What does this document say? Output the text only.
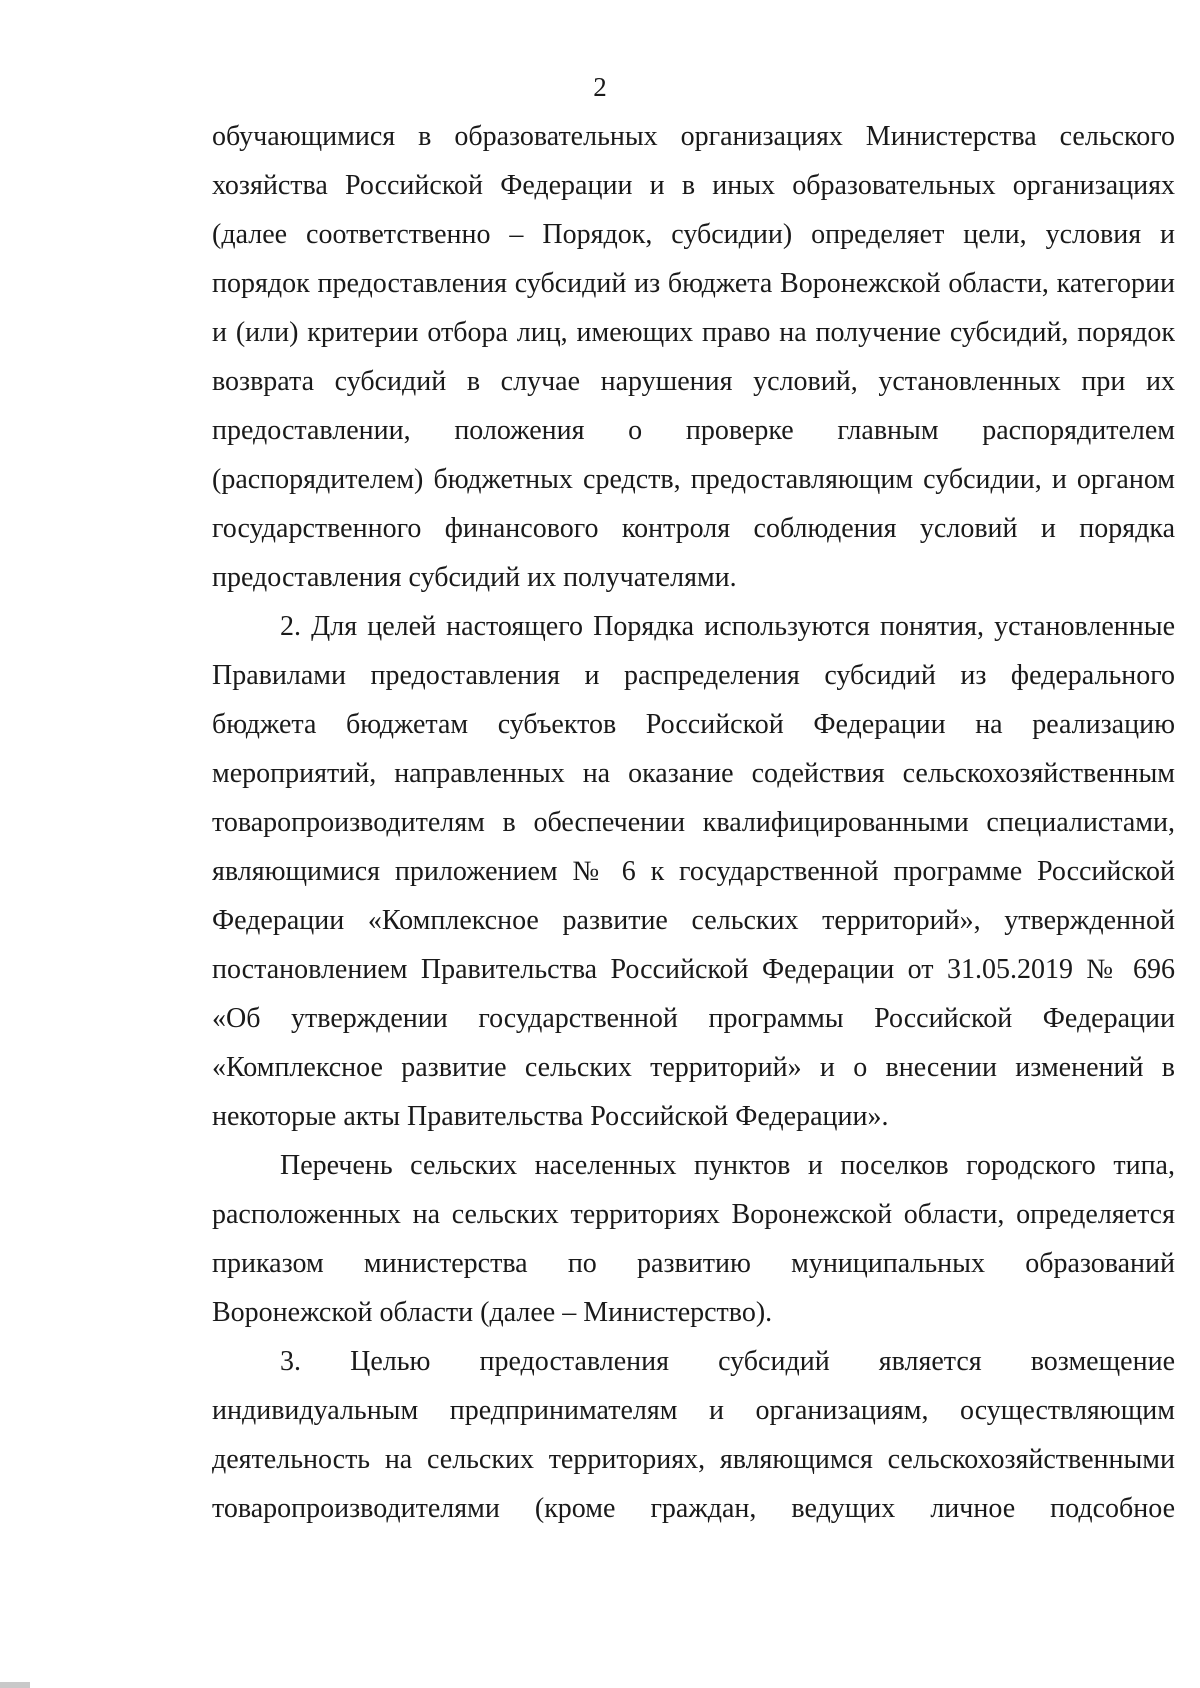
2

обучающимися в образовательных организациях Министерства сельского хозяйства Российской Федерации и в иных образовательных организациях (далее соответственно – Порядок, субсидии) определяет цели, условия и порядок предоставления субсидий из бюджета Воронежской области, категории и (или) критерии отбора лиц, имеющих право на получение субсидий, порядок возврата субсидий в случае нарушения условий, установленных при их предоставлении, положения о проверке главным распорядителем (распорядителем) бюджетных средств, предоставляющим субсидии, и органом государственного финансового контроля соблюдения условий и порядка предоставления субсидий их получателями.

2. Для целей настоящего Порядка используются понятия, установленные Правилами предоставления и распределения субсидий из федерального бюджета бюджетам субъектов Российской Федерации на реализацию мероприятий, направленных на оказание содействия сельскохозяйственным товаропроизводителям в обеспечении квалифицированными специалистами, являющимися приложением № 6 к государственной программе Российской Федерации «Комплексное развитие сельских территорий», утвержденной постановлением Правительства Российской Федерации от 31.05.2019 № 696 «Об утверждении государственной программы Российской Федерации «Комплексное развитие сельских территорий» и о внесении изменений в некоторые акты Правительства Российской Федерации».

Перечень сельских населенных пунктов и поселков городского типа, расположенных на сельских территориях Воронежской области, определяется приказом министерства по развитию муниципальных образований Воронежской области (далее – Министерство).

3. Целью предоставления субсидий является возмещение индивидуальным предпринимателям и организациям, осуществляющим деятельность на сельских территориях, являющимся сельскохозяйственными товаропроизводителями (кроме граждан, ведущих личное подсобное
